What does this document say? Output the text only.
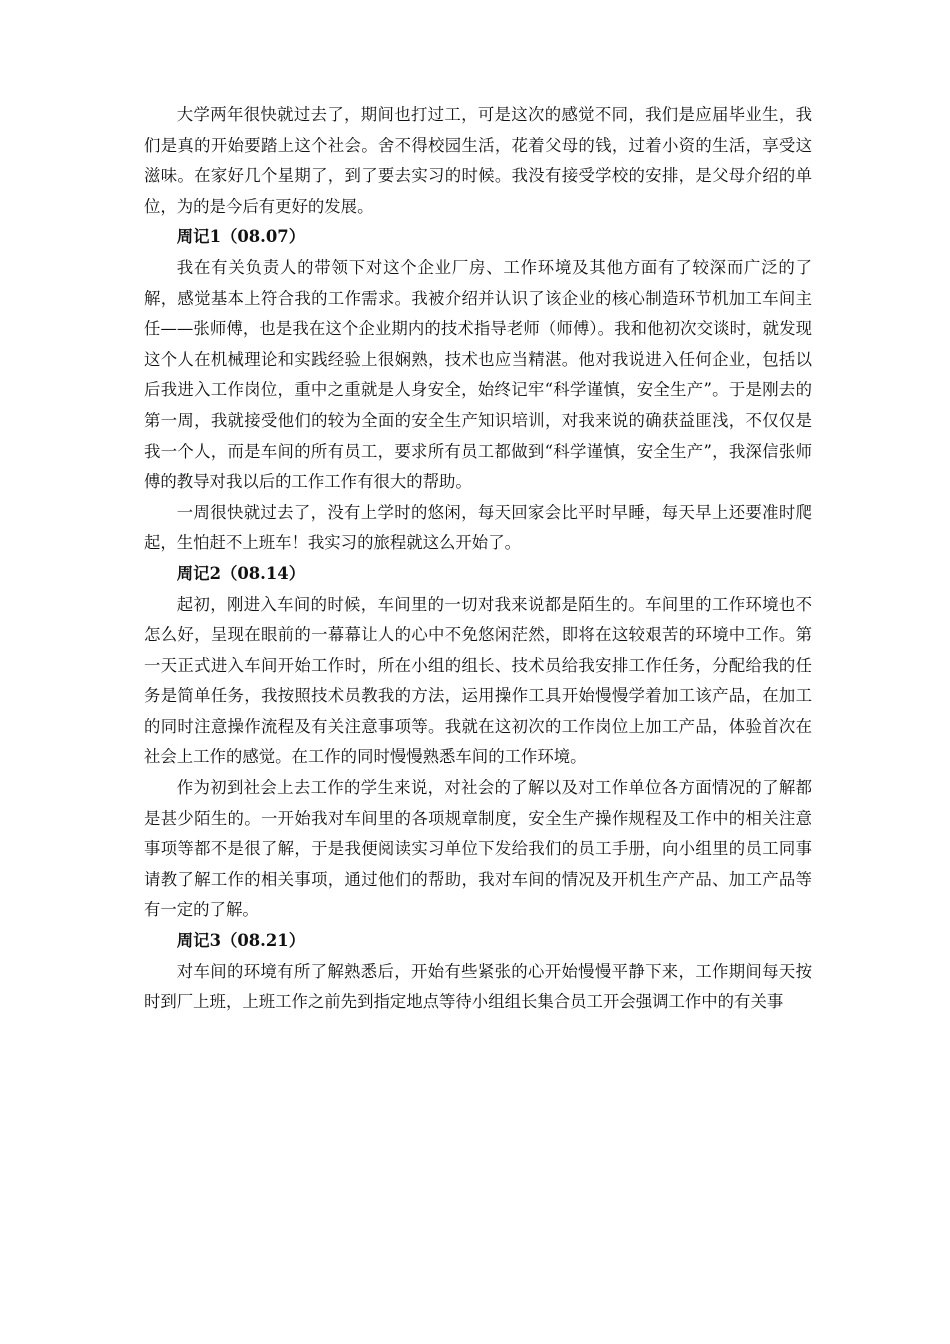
大学两年很快就过去了，期间也打过工，可是这次的感觉不同，我们是应届毕业生，我们是真的开始要踏上这个社会。舍不得校园生活，花着父母的钱，过着小资的生活，享受这滋味。在家好几个星期了，到了要去实习的时候。我没有接受学校的安排，是父母介绍的单位，为的是今后有更好的发展。

周记1（08.07）

我在有关负责人的带领下对这个企业厂房、工作环境及其他方面有了较深而广泛的了解，感觉基本上符合我的工作需求。我被介绍并认识了该企业的核心制造环节机加工车间主任——张师傅，也是我在这个企业期内的技术指导老师（师傅）。我和他初次交谈时，就发现这个人在机械理论和实践经验上很娴熟，技术也应当精湛。他对我说进入任何企业，包括以后我进入工作岗位，重中之重就是人身安全，始终记牢“科学谨慎，安全生产”。于是刚去的第一周，我就接受他们的较为全面的安全生产知识培训，对我来说的确获益匪浅，不仅仅是我一个人，而是车间的所有员工，要求所有员工都做到“科学谨慎，安全生产”，我深信张师傅的教导对我以后的工作工作有很大的帮助。

一周很快就过去了，没有上学时的悠闲，每天回家会比平时早睡，每天早上还要准时爬起，生怕赶不上班车！我实习的旅程就这么开始了。

周记2（08.14）

起初，刚进入车间的时候，车间里的一切对我来说都是陌生的。车间里的工作环境也不怎么好，呈现在眼前的一幕幕让人的心中不免悠闲茫然，即将在这较艰苦的环境中工作。第一天正式进入车间开始工作时，所在小组的组长、技术员给我安排工作任务，分配给我的任务是简单任务，我按照技术员教我的方法，运用操作工具开始慢慢学着加工该产品，在加工的同时注意操作流程及有关注意事项等。我就在这初次的工作岗位上加工产品，体验首次在社会上工作的感觉。在工作的同时慢慢熟悉车间的工作环境。

作为初到社会上去工作的学生来说，对社会的了解以及对工作单位各方面情况的了解都是甚少陌生的。一开始我对车间里的各项规章制度，安全生产操作规程及工作中的相关注意事项等都不是很了解，于是我便阅读实习单位下发给我们的员工手册，向小组里的员工同事请教了解工作的相关事项，通过他们的帮助，我对车间的情况及开机生产产品、加工产品等有一定的了解。

周记3（08.21）

对车间的环境有所了解熟悉后，开始有些紧张的心开始慢慢平静下来，工作期间每天按时到厂上班，上班工作之前先到指定地点等待小组组长集合员工开会强调工作中的有关事
